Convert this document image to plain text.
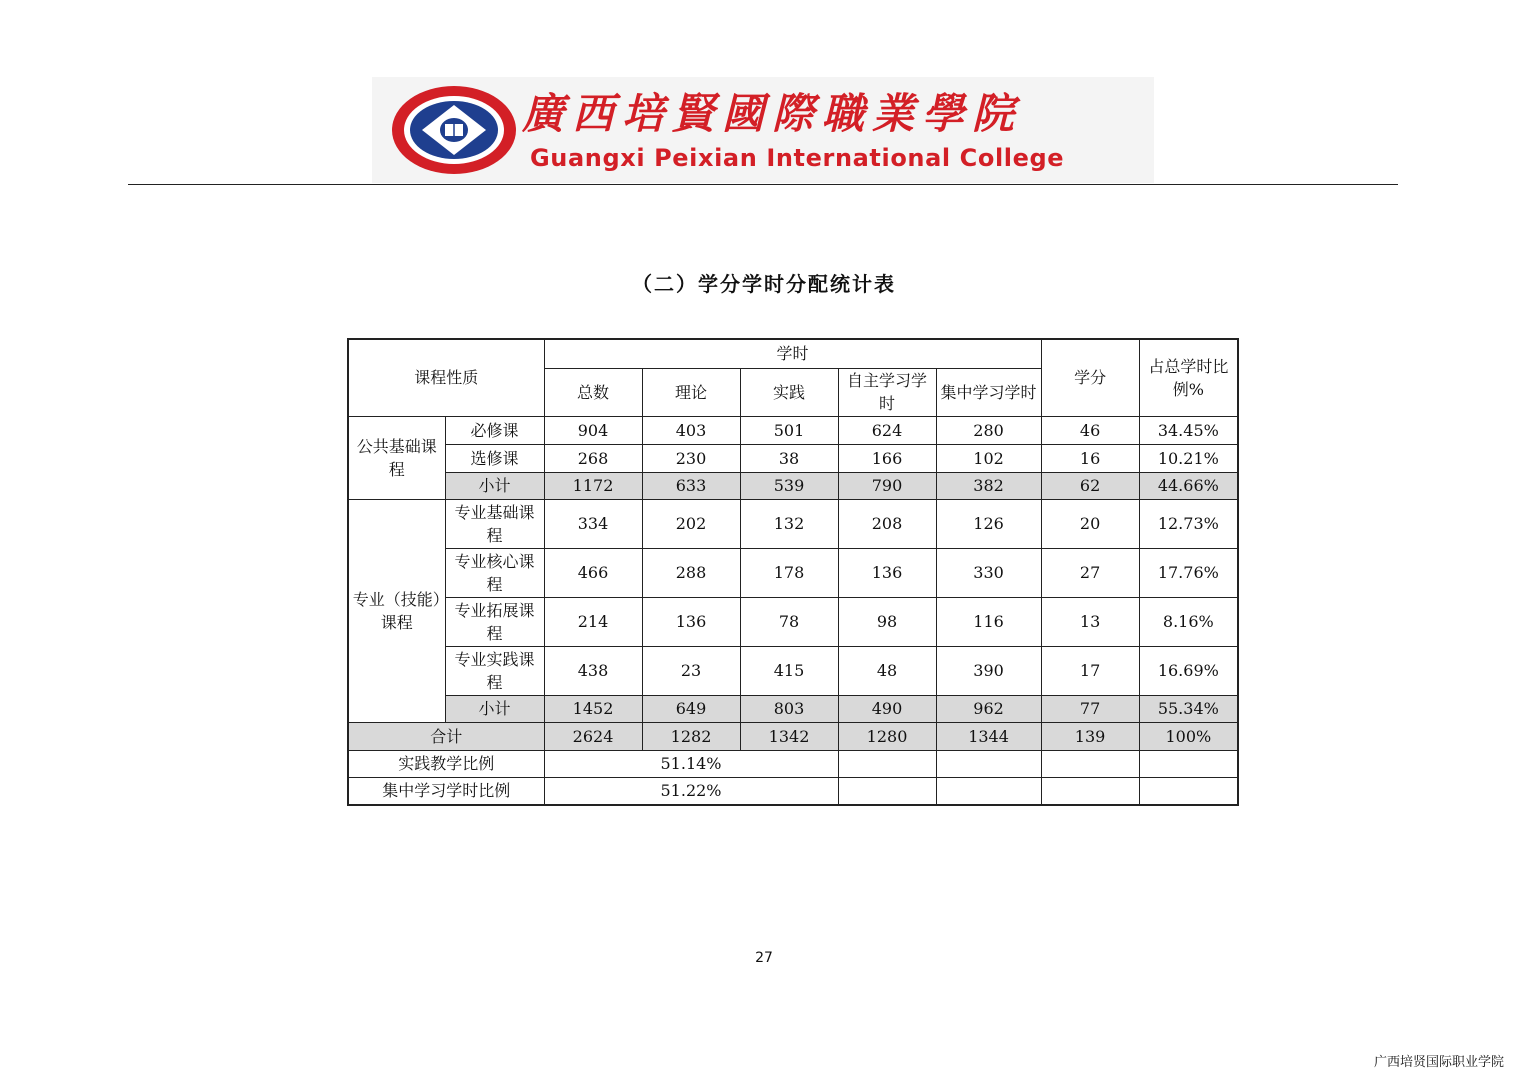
廣西培賢國際職業學院
Guangxi Peixian International College
（二）学分学时分配统计表
课程性质		学时					学分	占总学时比例%
		总数	理论	实践	自主学习学时	集中学习学时		
公共基础课程	必修课	904	403	501	624	280	46	34.45%
	选修课	268	230	38	166	102	16	10.21%
	小计	1172	633	539	790	382	62	44.66%
专业（技能）课程	专业基础课程	334	202	132	208	126	20	12.73%
	专业核心课程	466	288	178	136	330	27	17.76%
	专业拓展课程	214	136	78	98	116	13	8.16%
	专业实践课程	438	23	415	48	390	17	16.69%
	小计	1452	649	803	490	962	77	55.34%
合计		2624	1282	1342	1280	1344	139	100%
实践教学比例		51.14%						
集中学习学时比例		51.22%						
27
广西培贤国际职业学院
